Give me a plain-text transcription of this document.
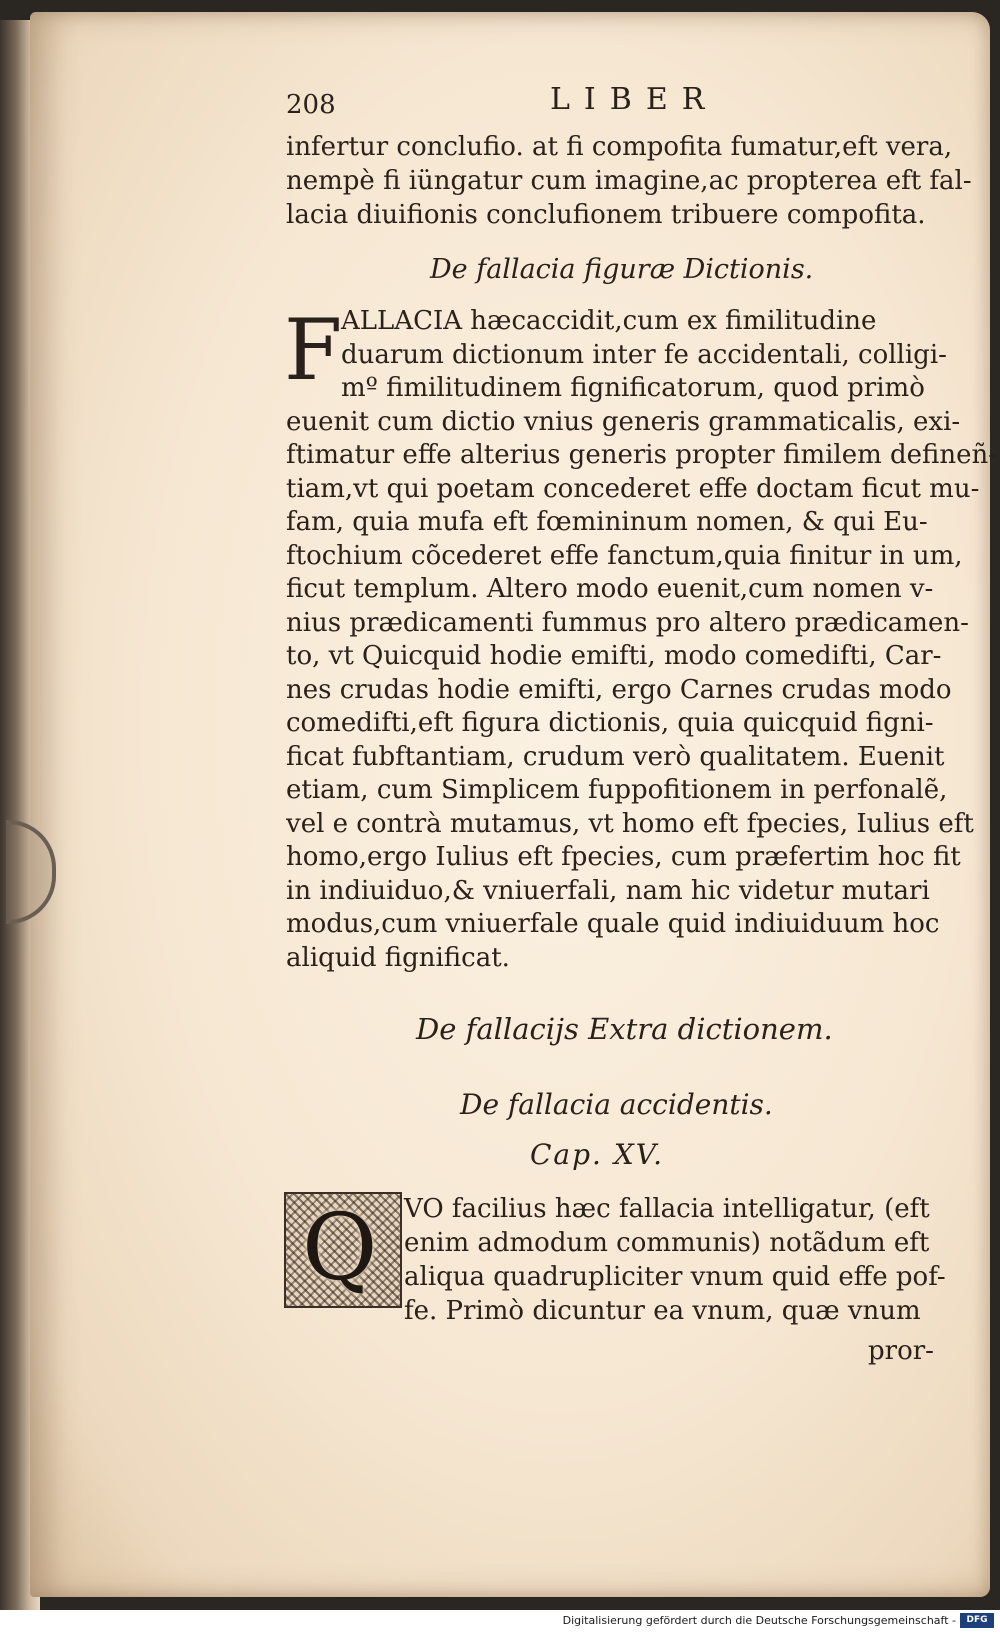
208	LIBER
infertur conclufio. at fi compofita fumatur,eft vera,
nempè fi iüngatur cum imagine,ac propterea eft fal-
lacia diuifionis conclufionem tribuere compofita.
De fallacia figuræ Dictionis.
F
ALLACIA hæcaccidit,cum ex fimilitudine
duarum dictionum inter fe accidentali, colligi-
mº fimilitudinem fignificatorum, quod primò
euenit cum dictio vnius generis grammaticalis, exi-
ftimatur effe alterius generis propter fimilem defineñ-
tiam,vt qui poetam concederet effe doctam ficut mu-
fam, quia mufa eft fœmininum nomen, & qui Eu-
ftochium cõcederet effe fanctum,quia finitur in um,
ficut templum. Altero modo euenit,cum nomen v-
nius prædicamenti fummus pro altero prædicamen-
to, vt Quicquid hodie emifti, modo comedifti, Car-
nes crudas hodie emifti, ergo Carnes crudas modo
comedifti,eft figura dictionis, quia quicquid figni-
ficat fubftantiam, crudum verò qualitatem. Euenit
etiam, cum Simplicem fuppofitionem in perfonalẽ,
vel e contrà mutamus, vt homo eft fpecies, Iulius eft
homo,ergo Iulius eft fpecies, cum præfertim hoc fit
in indiuiduo,& vniuerfali, nam hic videtur mutari
modus,cum vniuerfale quale quid indiuiduum hoc
aliquid fignificat.
De fallacijs Extra dictionem.
De fallacia accidentis.
Cap. XV.
Q VO facilius hæc fallacia intelligatur, (eft
enim admodum communis) notãdum eft
aliqua quadrupliciter vnum quid effe pof-
fe. Primò dicuntur ea vnum, quæ vnum
pror-
Digitalisierung gefördert durch die Deutsche Forschungsgemeinschaft -	DFG
